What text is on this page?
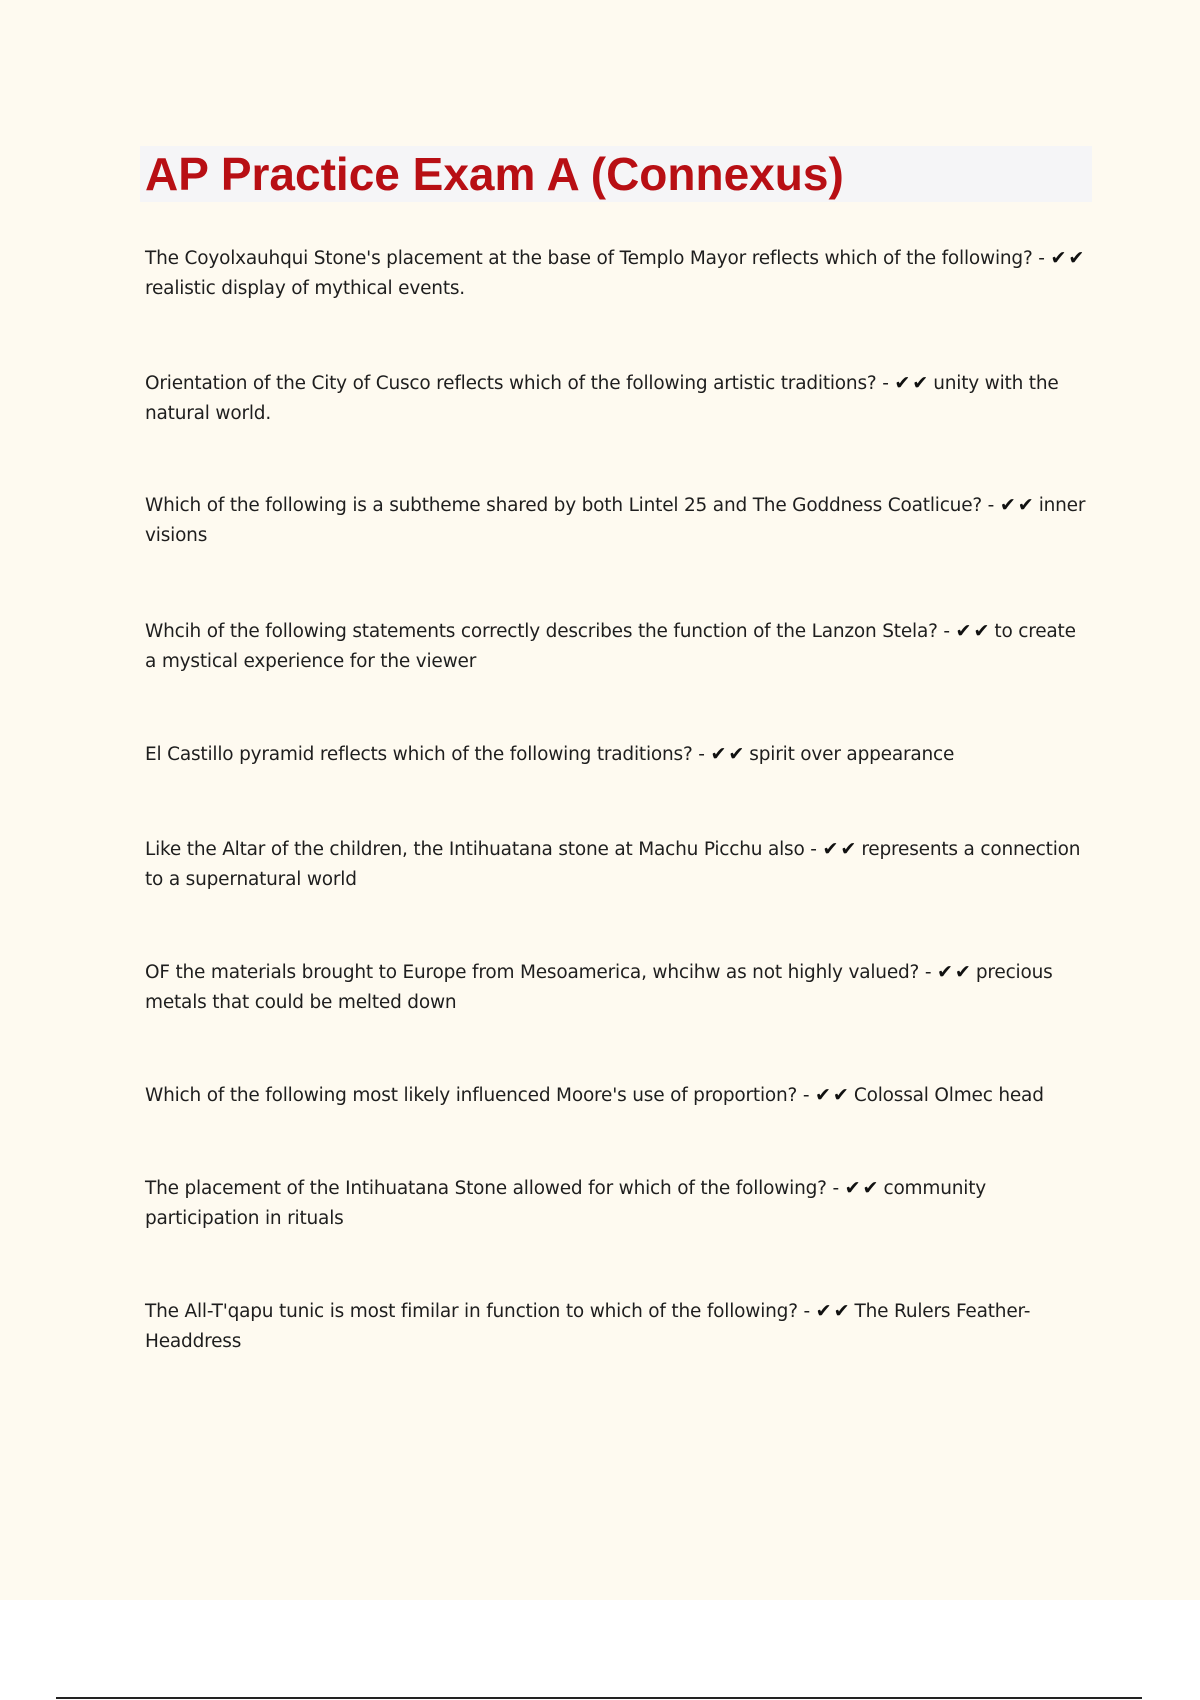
AP Practice Exam A (Connexus)

The Coyolxauhqui Stone's placement at the base of Templo Mayor reflects which of the following? - ✔✔realistic display of mythical events.

Orientation of the City of Cusco reflects which of the following artistic traditions? - ✔✔ unity with the natural world.

Which of the following is a subtheme shared by both Lintel 25 and The Goddness Coatlicue? - ✔✔ inner visions

Whcih of the following statements correctly describes the function of the Lanzon Stela? - ✔✔ to create a mystical experience for the viewer

El Castillo pyramid reflects which of the following traditions? - ✔✔ spirit over appearance

Like the Altar of the children, the Intihuatana stone at Machu Picchu also - ✔✔ represents a connection to a supernatural world

OF the materials brought to Europe from Mesoamerica, whcihw as not highly valued? - ✔✔ precious metals that could be melted down

Which of the following most likely influenced Moore's use of proportion? - ✔✔ Colossal Olmec head

The placement of the Intihuatana Stone allowed for which of the following? - ✔✔ community participation in rituals

The All-T'qapu tunic is most fimilar in function to which of the following? - ✔✔ The Rulers Feather-Headdress
